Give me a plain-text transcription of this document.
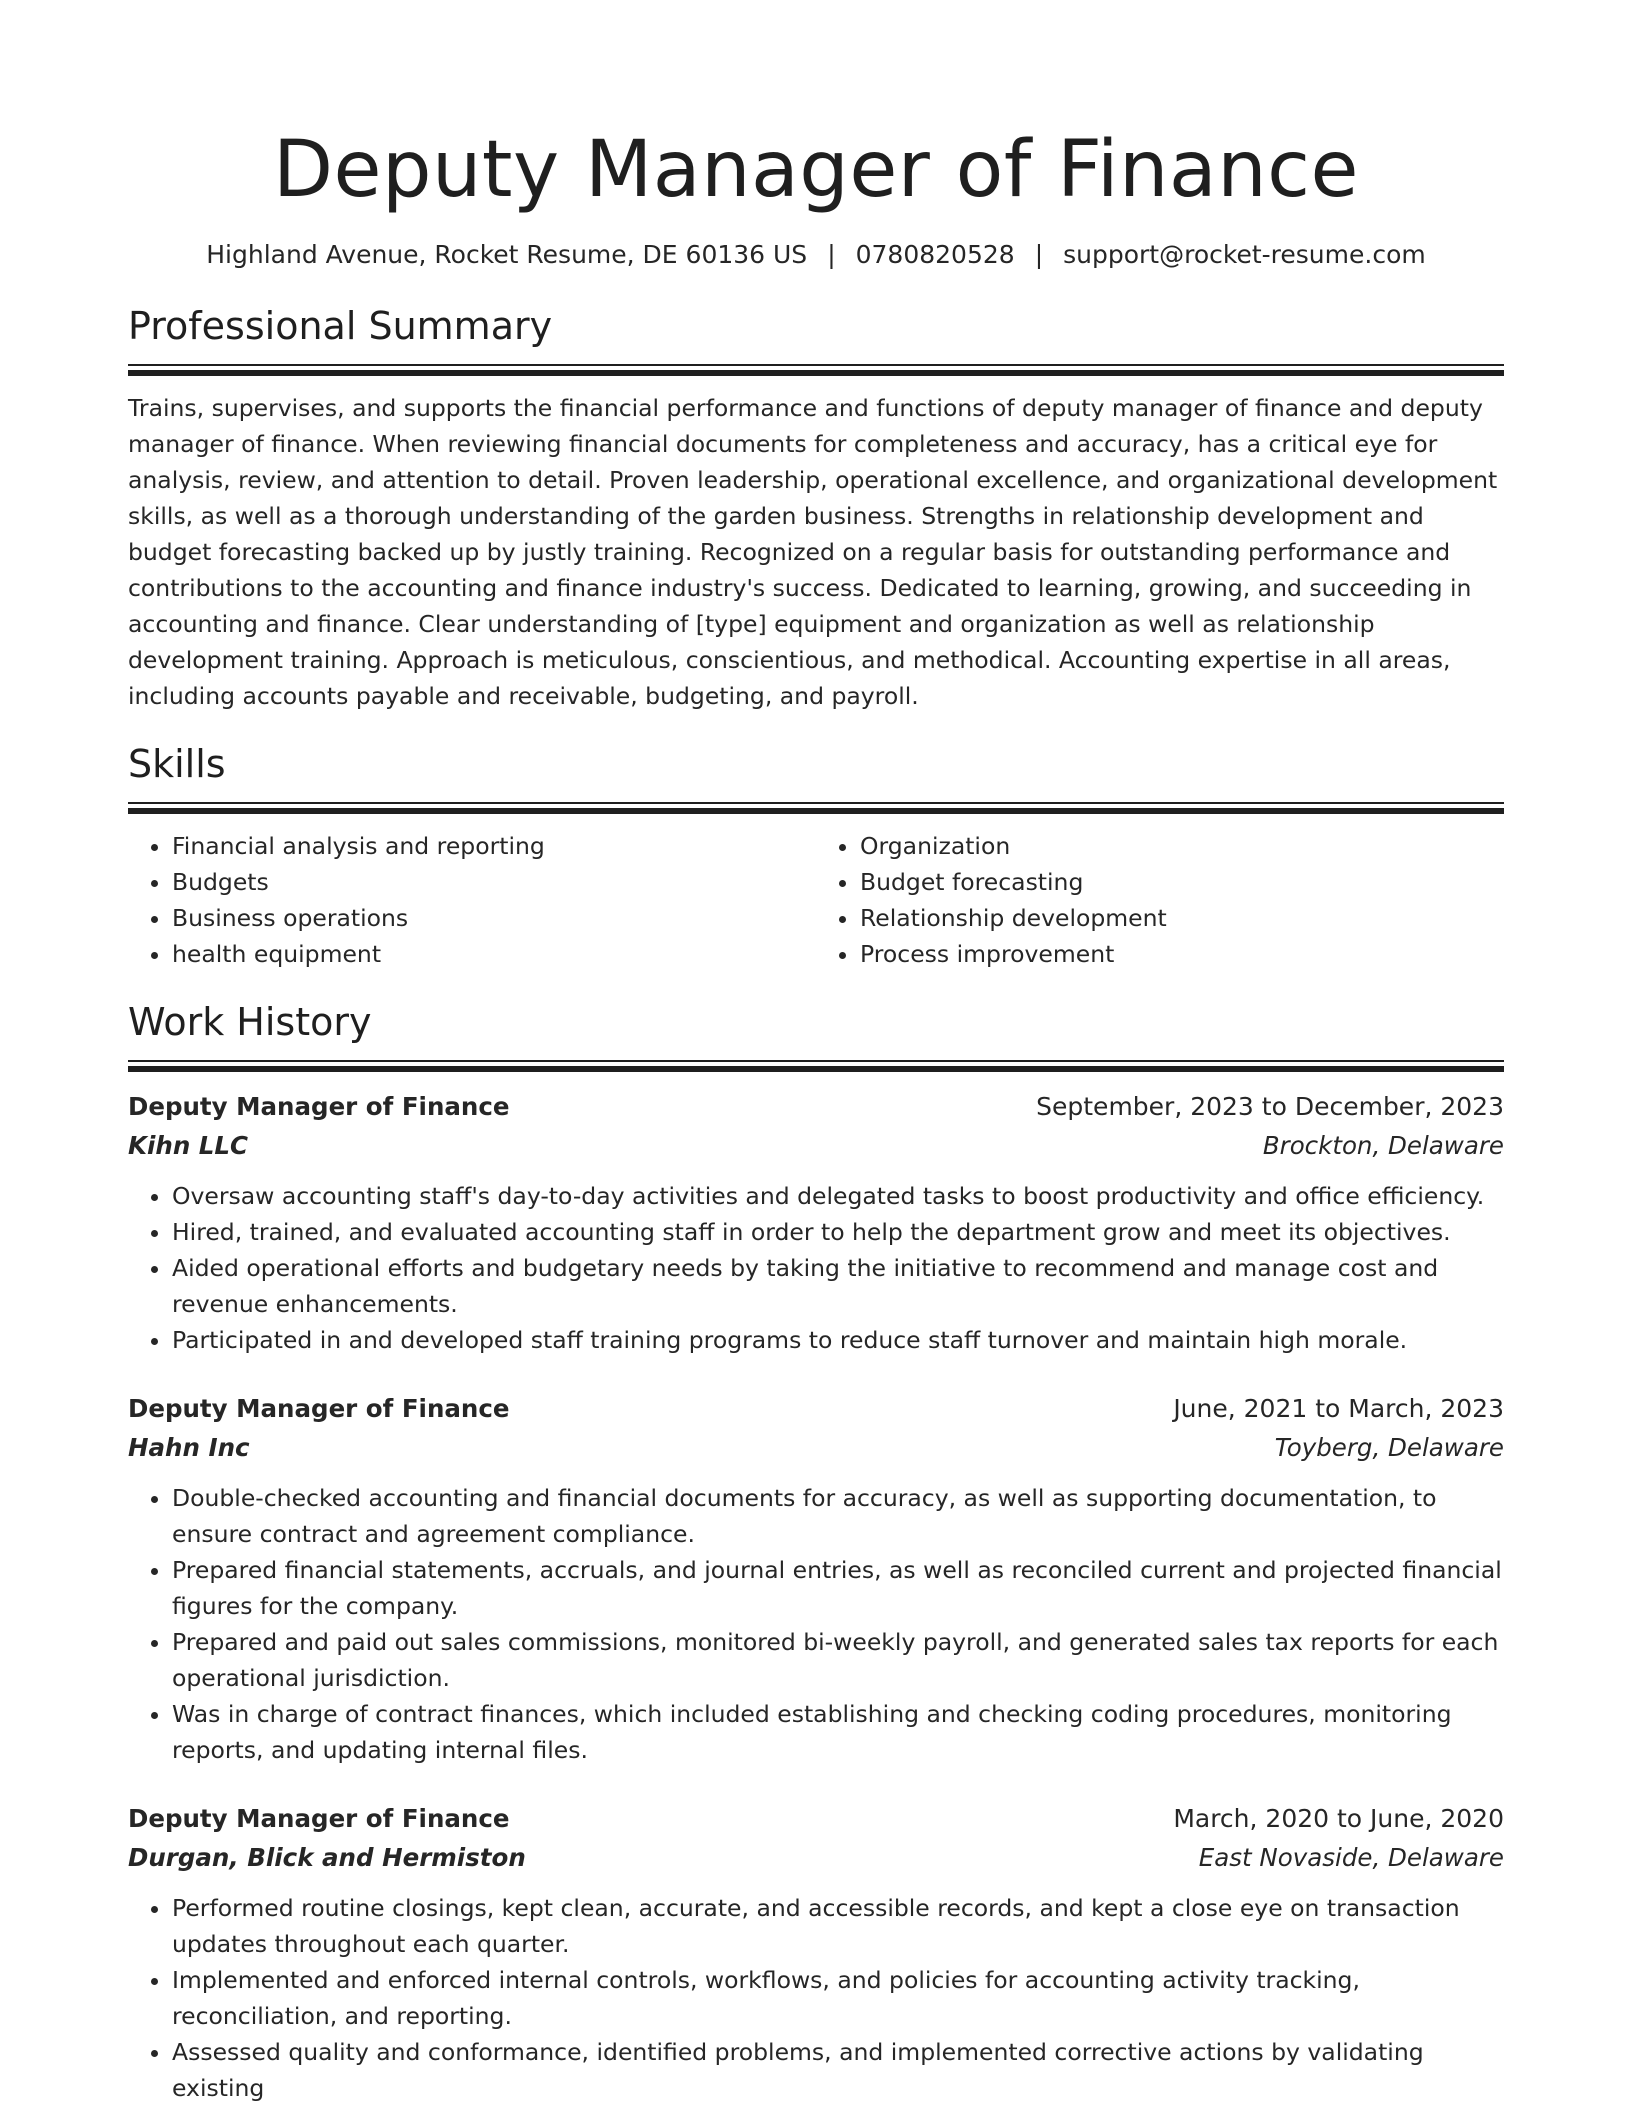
Deputy Manager of Finance
Highland Avenue, Rocket Resume, DE 60136 US | 0780820528 | support@rocket-resume.com
Professional Summary
Trains, supervises, and supports the financial performance and functions of deputy manager of finance and deputy manager of finance. When reviewing financial documents for completeness and accuracy, has a critical eye for analysis, review, and attention to detail. Proven leadership, operational excellence, and organizational development skills, as well as a thorough understanding of the garden business. Strengths in relationship development and budget forecasting backed up by justly training. Recognized on a regular basis for outstanding performance and contributions to the accounting and finance industry's success. Dedicated to learning, growing, and succeeding in accounting and finance. Clear understanding of [type] equipment and organization as well as relationship development training. Approach is meticulous, conscientious, and methodical. Accounting expertise in all areas, including accounts payable and receivable, budgeting, and payroll.
Skills
• Financial analysis and reporting
• Budgets
• Business operations
• health equipment
• Organization
• Budget forecasting
• Relationship development
• Process improvement
Work History
Deputy Manager of Finance	September, 2023 to December, 2023
Kihn LLC	Brockton, Delaware
• Oversaw accounting staff's day-to-day activities and delegated tasks to boost productivity and office efficiency.
• Hired, trained, and evaluated accounting staff in order to help the department grow and meet its objectives.
• Aided operational efforts and budgetary needs by taking the initiative to recommend and manage cost and revenue enhancements.
• Participated in and developed staff training programs to reduce staff turnover and maintain high morale.
Deputy Manager of Finance	June, 2021 to March, 2023
Hahn Inc	Toyberg, Delaware
• Double-checked accounting and financial documents for accuracy, as well as supporting documentation, to ensure contract and agreement compliance.
• Prepared financial statements, accruals, and journal entries, as well as reconciled current and projected financial figures for the company.
• Prepared and paid out sales commissions, monitored bi-weekly payroll, and generated sales tax reports for each operational jurisdiction.
• Was in charge of contract finances, which included establishing and checking coding procedures, monitoring reports, and updating internal files.
Deputy Manager of Finance	March, 2020 to June, 2020
Durgan, Blick and Hermiston	East Novaside, Delaware
• Performed routine closings, kept clean, accurate, and accessible records, and kept a close eye on transaction updates throughout each quarter.
• Implemented and enforced internal controls, workflows, and policies for accounting activity tracking, reconciliation, and reporting.
• Assessed quality and conformance, identified problems, and implemented corrective actions by validating existing
